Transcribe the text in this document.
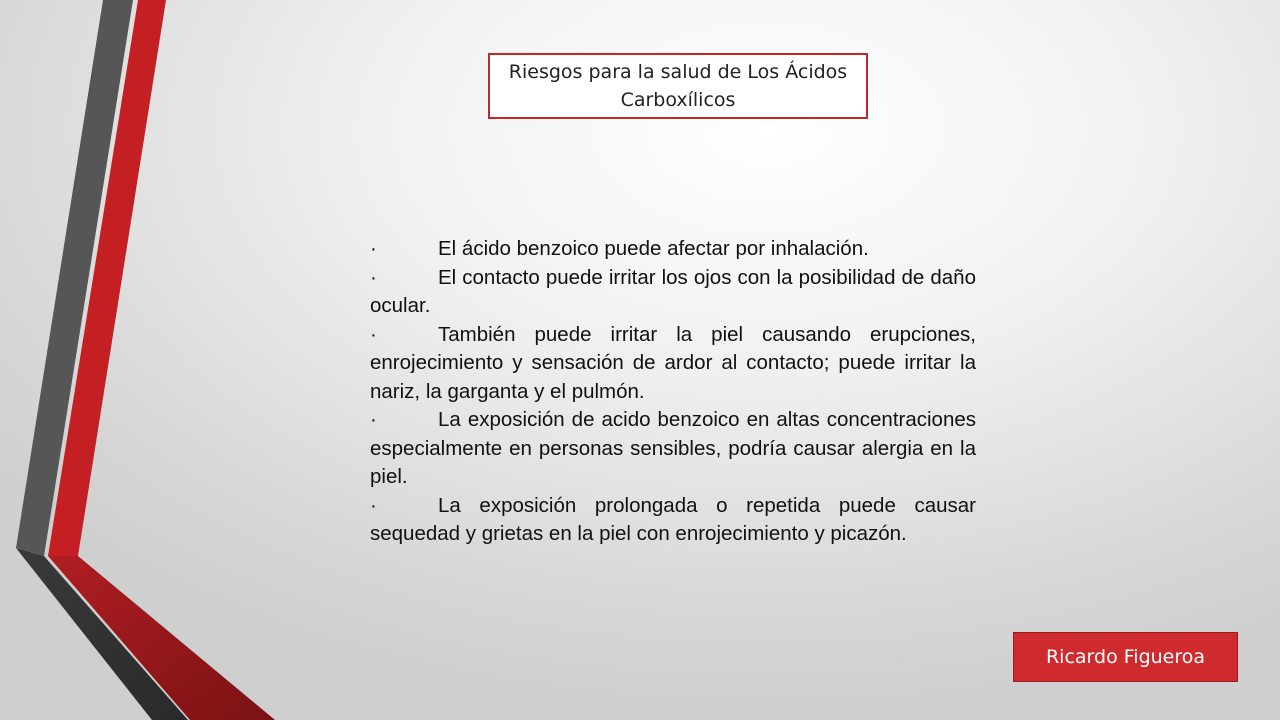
Riesgos para la salud de Los Ácidos Carboxílicos

·	El ácido benzoico puede afectar por inhalación.

·	El contacto puede irritar los ojos con la posibilidad de daño ocular.

·	También puede irritar la piel causando erupciones, enrojecimiento y sensación de ardor al contacto; puede irritar la nariz, la garganta y el pulmón.

·	La exposición de acido benzoico en altas concentraciones especialmente en personas sensibles, podría causar alergia en la piel.

·	La exposición prolongada o repetida puede causar sequedad y grietas en la piel con enrojecimiento y picazón.

Ricardo Figueroa
